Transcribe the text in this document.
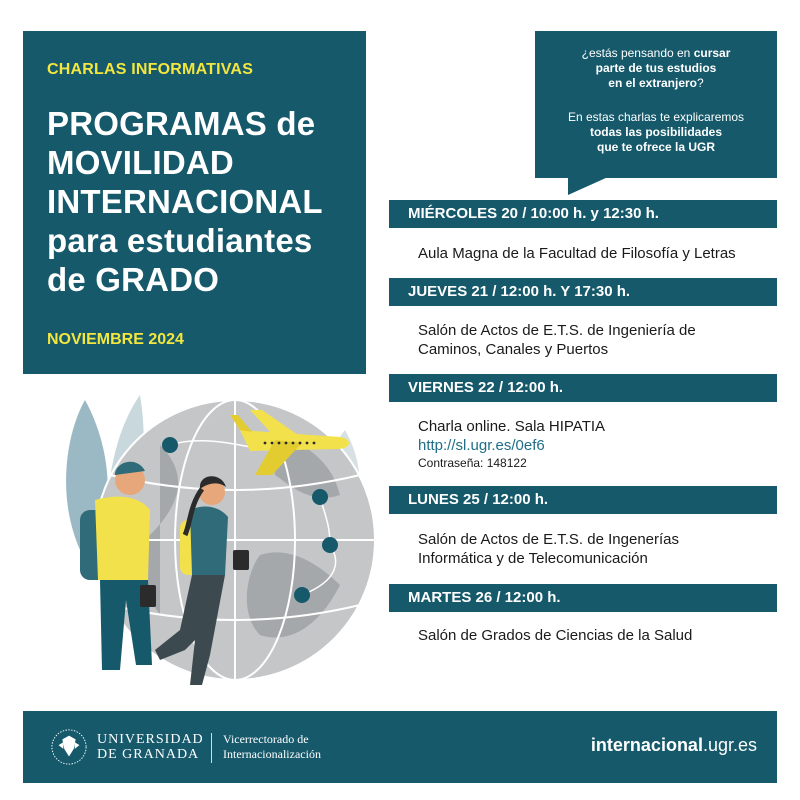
CHARLAS INFORMATIVAS
PROGRAMAS de
MOVILIDAD
INTERNACIONAL
para estudiantes
de GRADO
NOVIEMBRE 2024

¿estás pensando en cursar
parte de tus estudios
en el extranjero?

En estas charlas te explicaremos
todas las posibilidades
que te ofrece la UGR

MIÉRCOLES 20 / 10:00 h. y 12:30 h.
Aula Magna de la Facultad de Filosofía y Letras
JUEVES 21 / 12:00 h. Y 17:30 h.
Salón de Actos de E.T.S. de Ingeniería de
Caminos, Canales y Puertos
VIERNES 22 / 12:00 h.
Charla online. Sala HIPATIA
http://sl.ugr.es/0ef6
Contraseña: 148122
LUNES 25 / 12:00 h.
Salón de Actos de E.T.S. de Ingenerías
Informática y de Telecomunicación
MARTES 26 / 12:00 h.
Salón de Grados de Ciencias de la Salud
UNIVERSIDAD
DE GRANADA
Vicerrectorado de
Internacionalización	internacional.ugr.es
